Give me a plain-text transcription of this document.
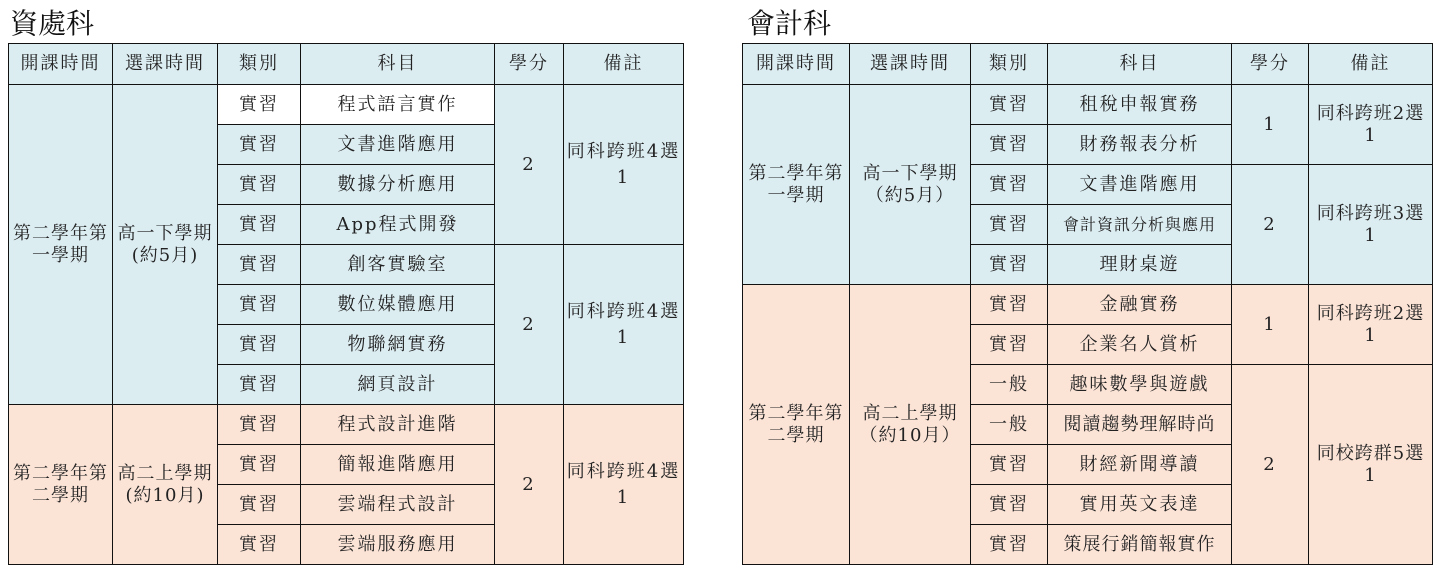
資處科
開課時間	選課時間	類別	科目	學分	備註
第二學年第一學期	高一下學期(約5月)	實習	程式語言實作	2	同科跨班4選1
		實習	文書進階應用		
		實習	數據分析應用		
		實習	App程式開發		
		實習	創客實驗室	2	同科跨班4選1
		實習	數位媒體應用		
		實習	物聯網實務		
		實習	網頁設計		
第二學年第二學期	高二上學期(約10月)	實習	程式設計進階	2	同科跨班4選1
		實習	簡報進階應用		
		實習	雲端程式設計		
		實習	雲端服務應用		
會計科
開課時間	選課時間	類別	科目	學分	備註
第二學年第一學期	高一下學期（約5月）	實習	租稅申報實務	1	同科跨班2選1
		實習	財務報表分析		
		實習	文書進階應用	2	同科跨班3選1
		實習	會計資訊分析與應用		
		實習	理財桌遊		
第二學年第二學期	高二上學期（約10月）	實習	金融實務	1	同科跨班2選1
		實習	企業名人賞析		
		一般	趣味數學與遊戲	2	同校跨群5選1
		一般	閱讀趨勢理解時尚		
		實習	財經新聞導讀		
		實習	實用英文表達		
		實習	策展行銷簡報實作		
